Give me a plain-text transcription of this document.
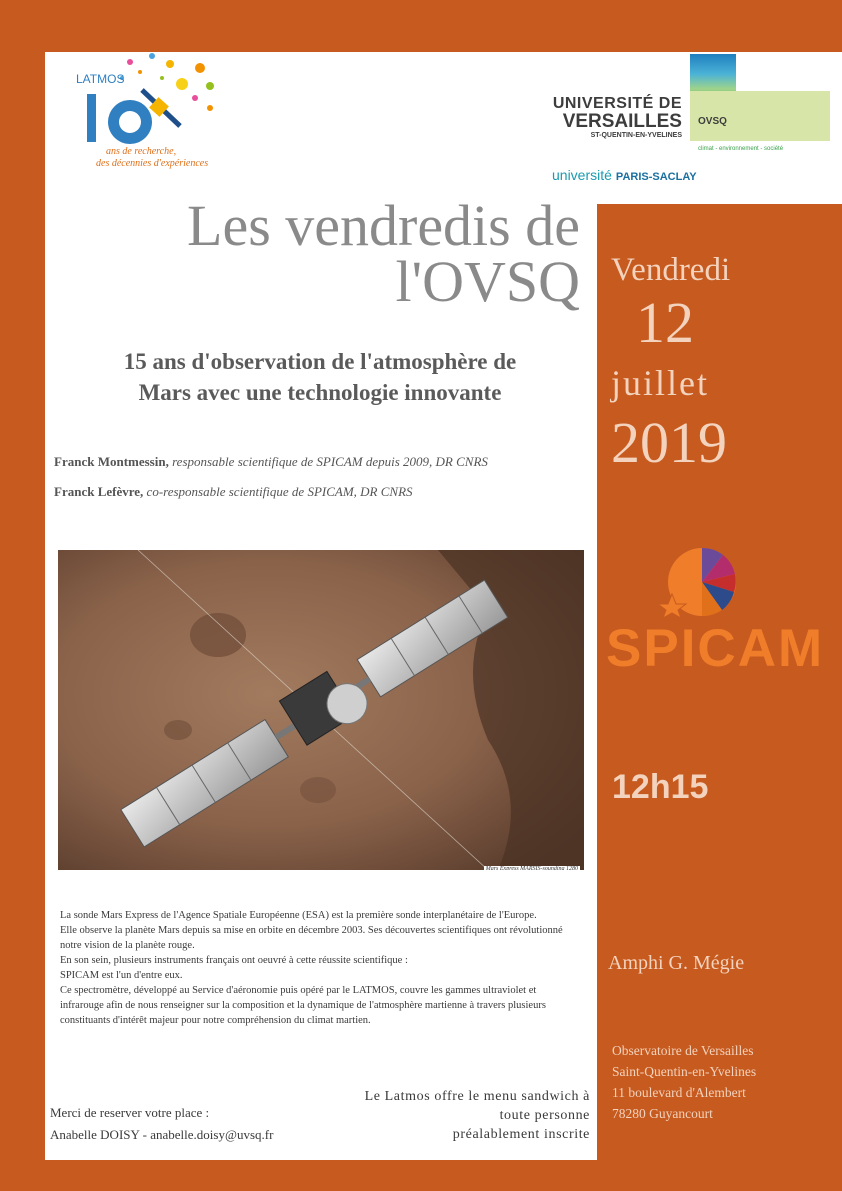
LATMOS
ans de recherche,
des décennies d'expériences
UNIVERSITÉ DE
VERSAILLES
ST-QUENTIN-EN-YVELINES
OVSQ
climat - environnement - société
université PARIS-SACLAY
Les vendredis de
l'OVSQ
15 ans d'observation de l'atmosphère de
Mars avec une technologie innovante
Franck Montmessin, responsable scientifique de SPICAM depuis 2009, DR CNRS
Franck Lefèvre, co-responsable scientifique de SPICAM, DR CNRS
Mars Express MARSIS-sounding 1280
La sonde Mars Express de l'Agence Spatiale Européenne (ESA) est la première sonde interplanétaire de l'Europe.
Elle observe la planète Mars depuis sa mise en orbite en décembre 2003. Ses découvertes scientifiques ont révolutionné notre vision de la planète rouge.
En son sein, plusieurs instruments français ont oeuvré à cette réussite scientifique :
SPICAM est l'un d'entre eux.
Ce spectromètre, développé au Service d'aéronomie puis opéré par le LATMOS, couvre les gammes ultraviolet et infrarouge afin de nous renseigner sur la composition et la dynamique de l'atmosphère martienne à travers plusieurs constituants d'intérêt majeur pour notre compréhension du climat martien.
Merci de reserver votre place :
Anabelle DOISY - anabelle.doisy@uvsq.fr
Le Latmos offre le menu sandwich à
toute personne
préalablement inscrite
Vendredi
12
juillet
2019
SPICAM
12h15
Amphi G. Mégie
Observatoire de Versailles
Saint-Quentin-en-Yvelines
11 boulevard d'Alembert
78280 Guyancourt
